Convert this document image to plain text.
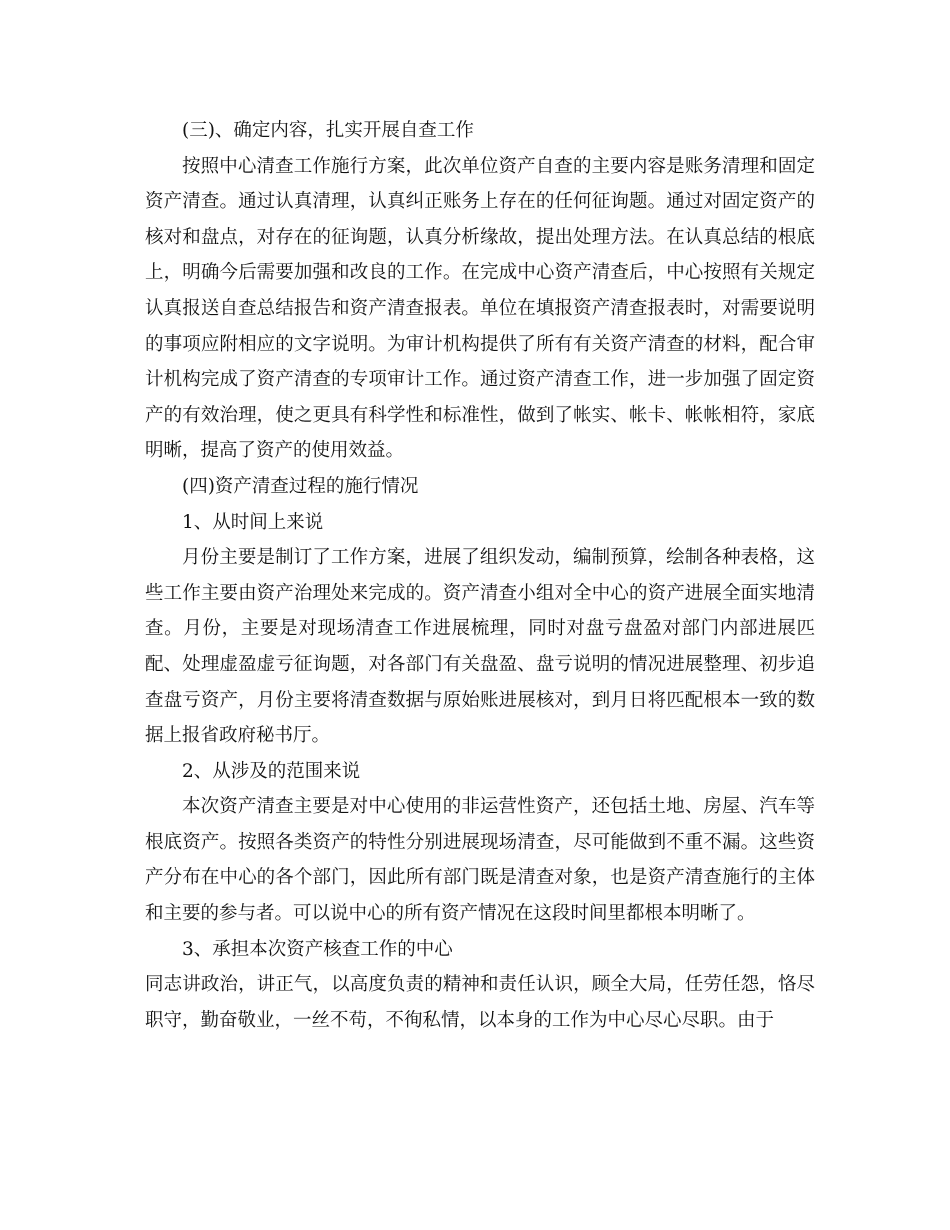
(三)、确定内容，扎实开展自查工作

按照中心清查工作施行方案，此次单位资产自查的主要内容是账务清理和固定资产清查。通过认真清理，认真纠正账务上存在的任何征询题。通过对固定资产的核对和盘点，对存在的征询题，认真分析缘故，提出处理方法。在认真总结的根底上，明确今后需要加强和改良的工作。在完成中心资产清查后，中心按照有关规定认真报送自查总结报告和资产清查报表。单位在填报资产清查报表时，对需要说明的事项应附相应的文字说明。为审计机构提供了所有有关资产清查的材料，配合审计机构完成了资产清查的专项审计工作。通过资产清查工作，进一步加强了固定资产的有效治理，使之更具有科学性和标准性，做到了帐实、帐卡、帐帐相符，家底明晰，提高了资产的使用效益。

(四)资产清查过程的施行情况

1、从时间上来说

月份主要是制订了工作方案，进展了组织发动，编制预算，绘制各种表格，这些工作主要由资产治理处来完成的。资产清查小组对全中心的资产进展全面实地清查。月份，主要是对现场清查工作进展梳理，同时对盘亏盘盈对部门内部进展匹配、处理虚盈虚亏征询题，对各部门有关盘盈、盘亏说明的情况进展整理、初步追查盘亏资产，月份主要将清查数据与原始账进展核对，到月日将匹配根本一致的数据上报省政府秘书厅。

2、从涉及的范围来说

本次资产清查主要是对中心使用的非运营性资产，还包括土地、房屋、汽车等根底资产。按照各类资产的特性分别进展现场清查，尽可能做到不重不漏。这些资产分布在中心的各个部门，因此所有部门既是清查对象，也是资产清查施行的主体和主要的参与者。可以说中心的所有资产情况在这段时间里都根本明晰了。

3、承担本次资产核查工作的中心

同志讲政治，讲正气，以高度负责的精神和责任认识，顾全大局，任劳任怨，恪尽职守，勤奋敬业，一丝不苟，不徇私情，以本身的工作为中心尽心尽职。由于
